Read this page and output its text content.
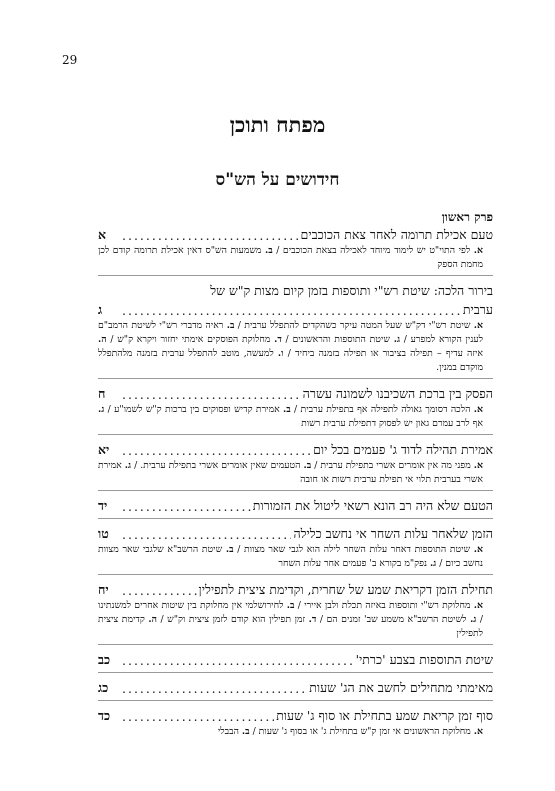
29
מפתח ותוכן
חידושים על הש"ס
פרק ראשון
טעם אכילת תרומה לאחר צאת הכוכבים
.....
א
א. לפי התוי"ט יש לימוד מיוחד לאכילה בצאת הכוכבים / ב. משמעות הש"ס דאין אכילת תרומה קודם לכן מחמת הספק
בירור הלכה: שיטת רש"י ותוספות בזמן קיום מצות ק"ש של
ערבית
.....
ג
א. שיטת רש"י דק"ש שעל המטה עיקר כשהקדים להתפלל ערבית / ב. ראיה מדברי רש"י לשיטת הרמב"ם לענין הקורא למפרע / ג. שיטת התוספות והראשונים / ד. מחלוקת הפוסקים אימתי יחזור ויקרא ק"ש / ה. איזה עדיף – תפילה בציבור או תפילה בזמנה ביחיד / ו. למעשה, מוטב להתפלל ערבית בזמנה מלהתפלל מוקדם במנין.
הפסק בין ברכת השכיבנו לשמונה עשרה
.....
ח
א. הלכה דסומך גאולה לתפילה אף בתפילת ערבית / ב. אמירת קדיש ופסוקים בין ברכות ק"ש לשמו"ע / ג. אף לרב עמרם גאון יש לפסוק דתפילת ערבית רשות
אמירת תהילה לדוד ג' פעמים בכל יום
.....
יא
א. מפני מה אין אומרים אשרי בתפילת ערבית / ב. הטעמים שאין אומרים אשרי בתפילת ערבית. / ג. אמירת אשרי בערבית תלוי אי תפילת ערבית רשות או חובה
הטעם שלא היה רב הונא רשאי ליטול את הזמורות
.....
יד
הזמן שלאחר עלות השחר אי נחשב כלילה
.....
טו
א. שיטת התוספות דאחר עלות השחר לילה הוא לגבי שאר מצוות / ב. שיטת הרשב"א שלגבי שאר מצוות נחשב כיום / ג. נפק"מ בקורא ב' פעמים אחר עלות השחר
תחילת הזמן דקריאת שמע של שחרית, וקדימת ציצית לתפילין
.....
יח
א. מחלוקת רש"י ותוספות באיזה תכלת ולבן איירי / ב. לחירושלמי אין מחלוקת בין שיטות אחרים למשנתינו / ג. לשיטת הרשב"א משמע שב' זמנים הם / ד. זמן תפילין הוא קודם לזמן ציצית וק"ש / ה. קדימת ציצית לתפילין
שיטת התוספות בצבע 'כרתי'
.....
כב
מאימתי מתחילים לחשב את הג' שעות
.....
כג
סוף זמן קריאת שמע בתחילת או סוף ג' שעות
.....
כד
א. מחלוקת הראשונים אי זמן ק"ש בתחילת ג' או בסוף ג' שעות / ב. הבבלי
